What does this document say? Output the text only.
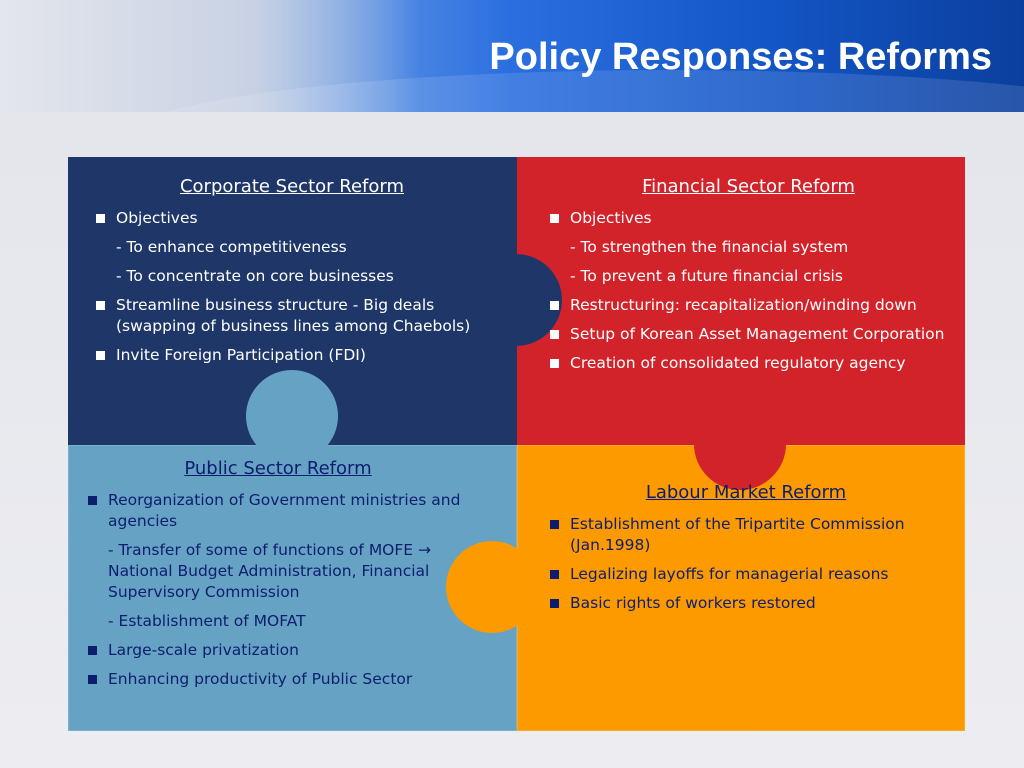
Policy Responses: Reforms
Corporate Sector Reform
Objectives
- To enhance competitiveness
- To concentrate on core businesses
Streamline business structure - Big deals (swapping of business lines among Chaebols)
Invite Foreign Participation (FDI)
Financial Sector Reform
Objectives
- To strengthen the financial system
- To prevent a future financial crisis
Restructuring: recapitalization/winding down
Setup of Korean Asset Management Corporation
Creation of consolidated regulatory agency
Public Sector Reform
Reorganization of Government ministries and agencies
- Transfer of some of functions of MOFE → National Budget Administration, Financial Supervisory Commission
- Establishment of MOFAT
Large-scale privatization
Enhancing productivity of Public Sector
Labour Market Reform
Establishment of the Tripartite Commission (Jan.1998)
Legalizing layoffs for managerial reasons
Basic rights of workers restored
